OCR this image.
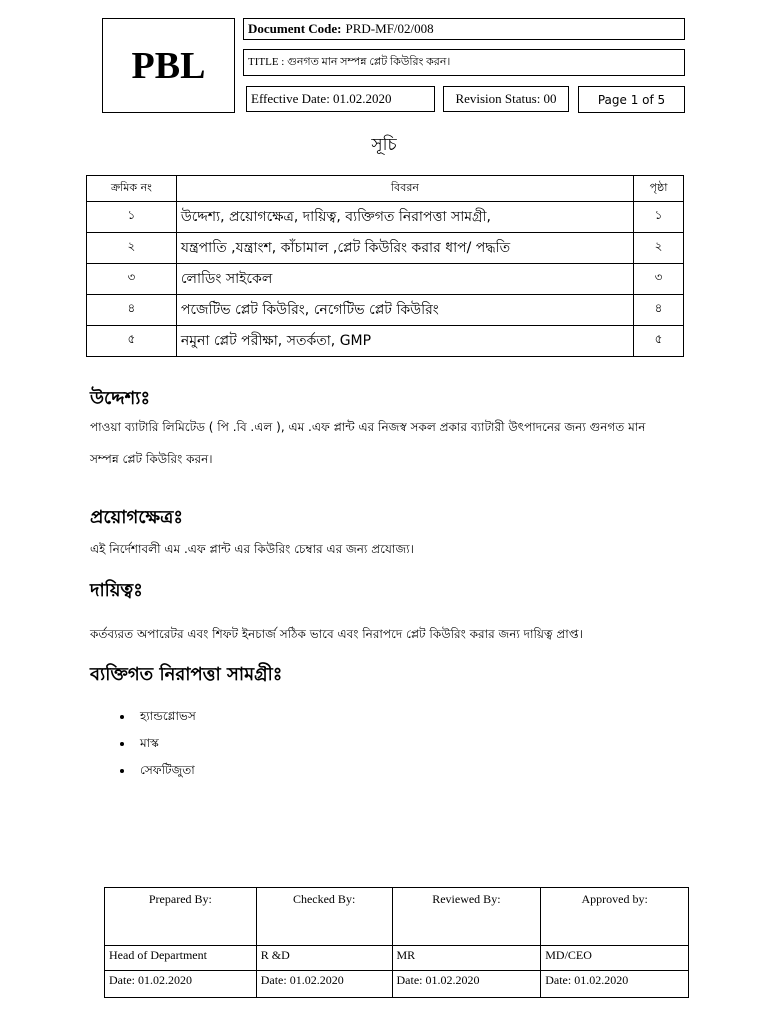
PBL
Document Code: PRD-MF/02/008
TITLE : গুনগত মান সম্পন্ন প্লেট কিউরিং করন।
Effective Date: 01.02.2020	Revision Status: 00	Page 1 of 5
সূচি
ক্রমিক নং	বিবরন	পৃষ্ঠা
১	উদ্দেশ্য, প্রয়োগক্ষেত্র, দায়িত্ব, ব্যক্তিগত নিরাপত্তা সামগ্রী,	১
২	যন্ত্রপাতি ,যন্ত্রাংশ, কাঁচামাল ,প্লেট কিউরিং করার ধাপ/ পদ্ধতি	২
৩	লোডিং সাইকেল	৩
৪	পজেটিভ প্লেট কিউরিং, নেগেটিভ প্লেট কিউরিং	৪
৫	নমুনা প্লেট পরীক্ষা, সতর্কতা, GMP	৫
উদ্দেশ্যঃ
পাওয়া ব্যাটারি লিমিটেড ( পি .বি .এল ), এম .এফ প্লান্ট এর নিজস্ব সকল প্রকার ব্যাটারী উৎপাদনের জন্য গুনগত মান
সম্পন্ন প্লেট কিউরিং করন।
প্রয়োগক্ষেত্রঃ
এই নির্দেশাবলী এম .এফ প্লান্ট এর কিউরিং চেম্বার এর জন্য প্রযোজ্য।
দায়িত্বঃ
কর্তব্যরত অপারেটর এবং শিফট ইনচার্জ সঠিক ভাবে এবং নিরাপদে প্লেট কিউরিং করার জন্য দায়িত্ব প্রাপ্ত।
ব্যক্তিগত নিরাপত্তা সামগ্রীঃ
• হ্যান্ডগ্লোভস
• মাস্ক
• সেফটিজুতা
Prepared By:	Checked By:	Reviewed By:	Approved by:
Head of Department	R &D	MR	MD/CEO
Date: 01.02.2020	Date: 01.02.2020	Date: 01.02.2020	Date: 01.02.2020
